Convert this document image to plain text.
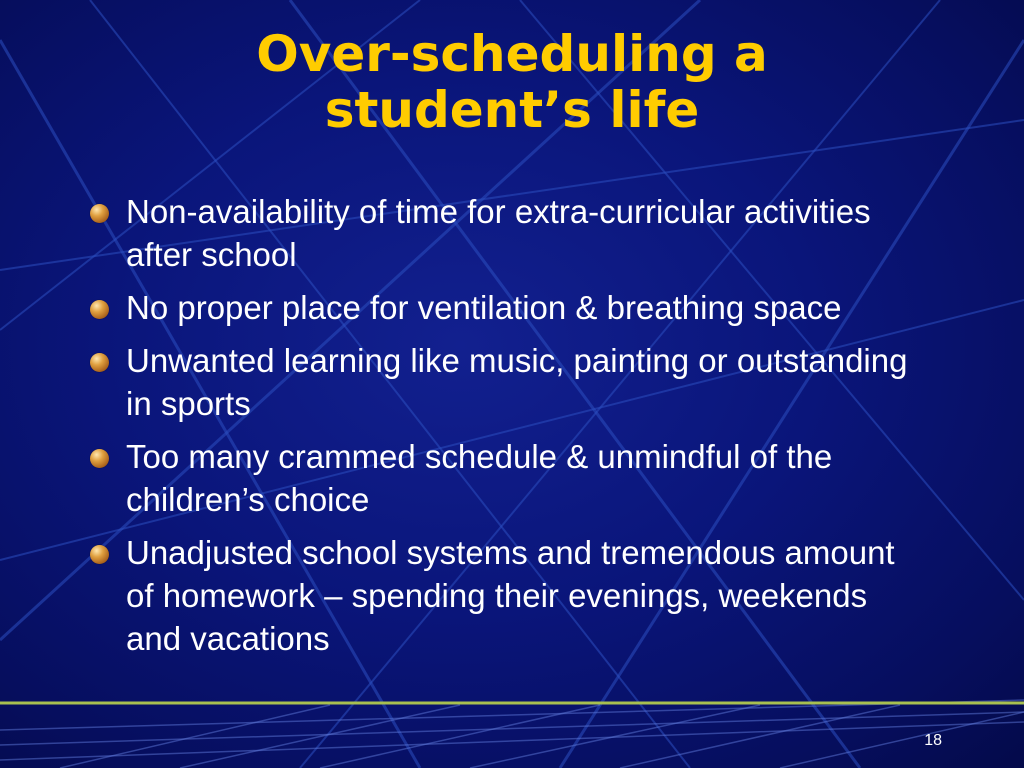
Over-scheduling a
student’s life
Non-availability of time for extra-curricular activities after school
No proper place for ventilation & breathing space
Unwanted learning like music, painting or outstanding in sports
Too many crammed schedule & unmindful of the children’s choice
Unadjusted school systems and tremendous amount of homework – spending their evenings, weekends and vacations
18
